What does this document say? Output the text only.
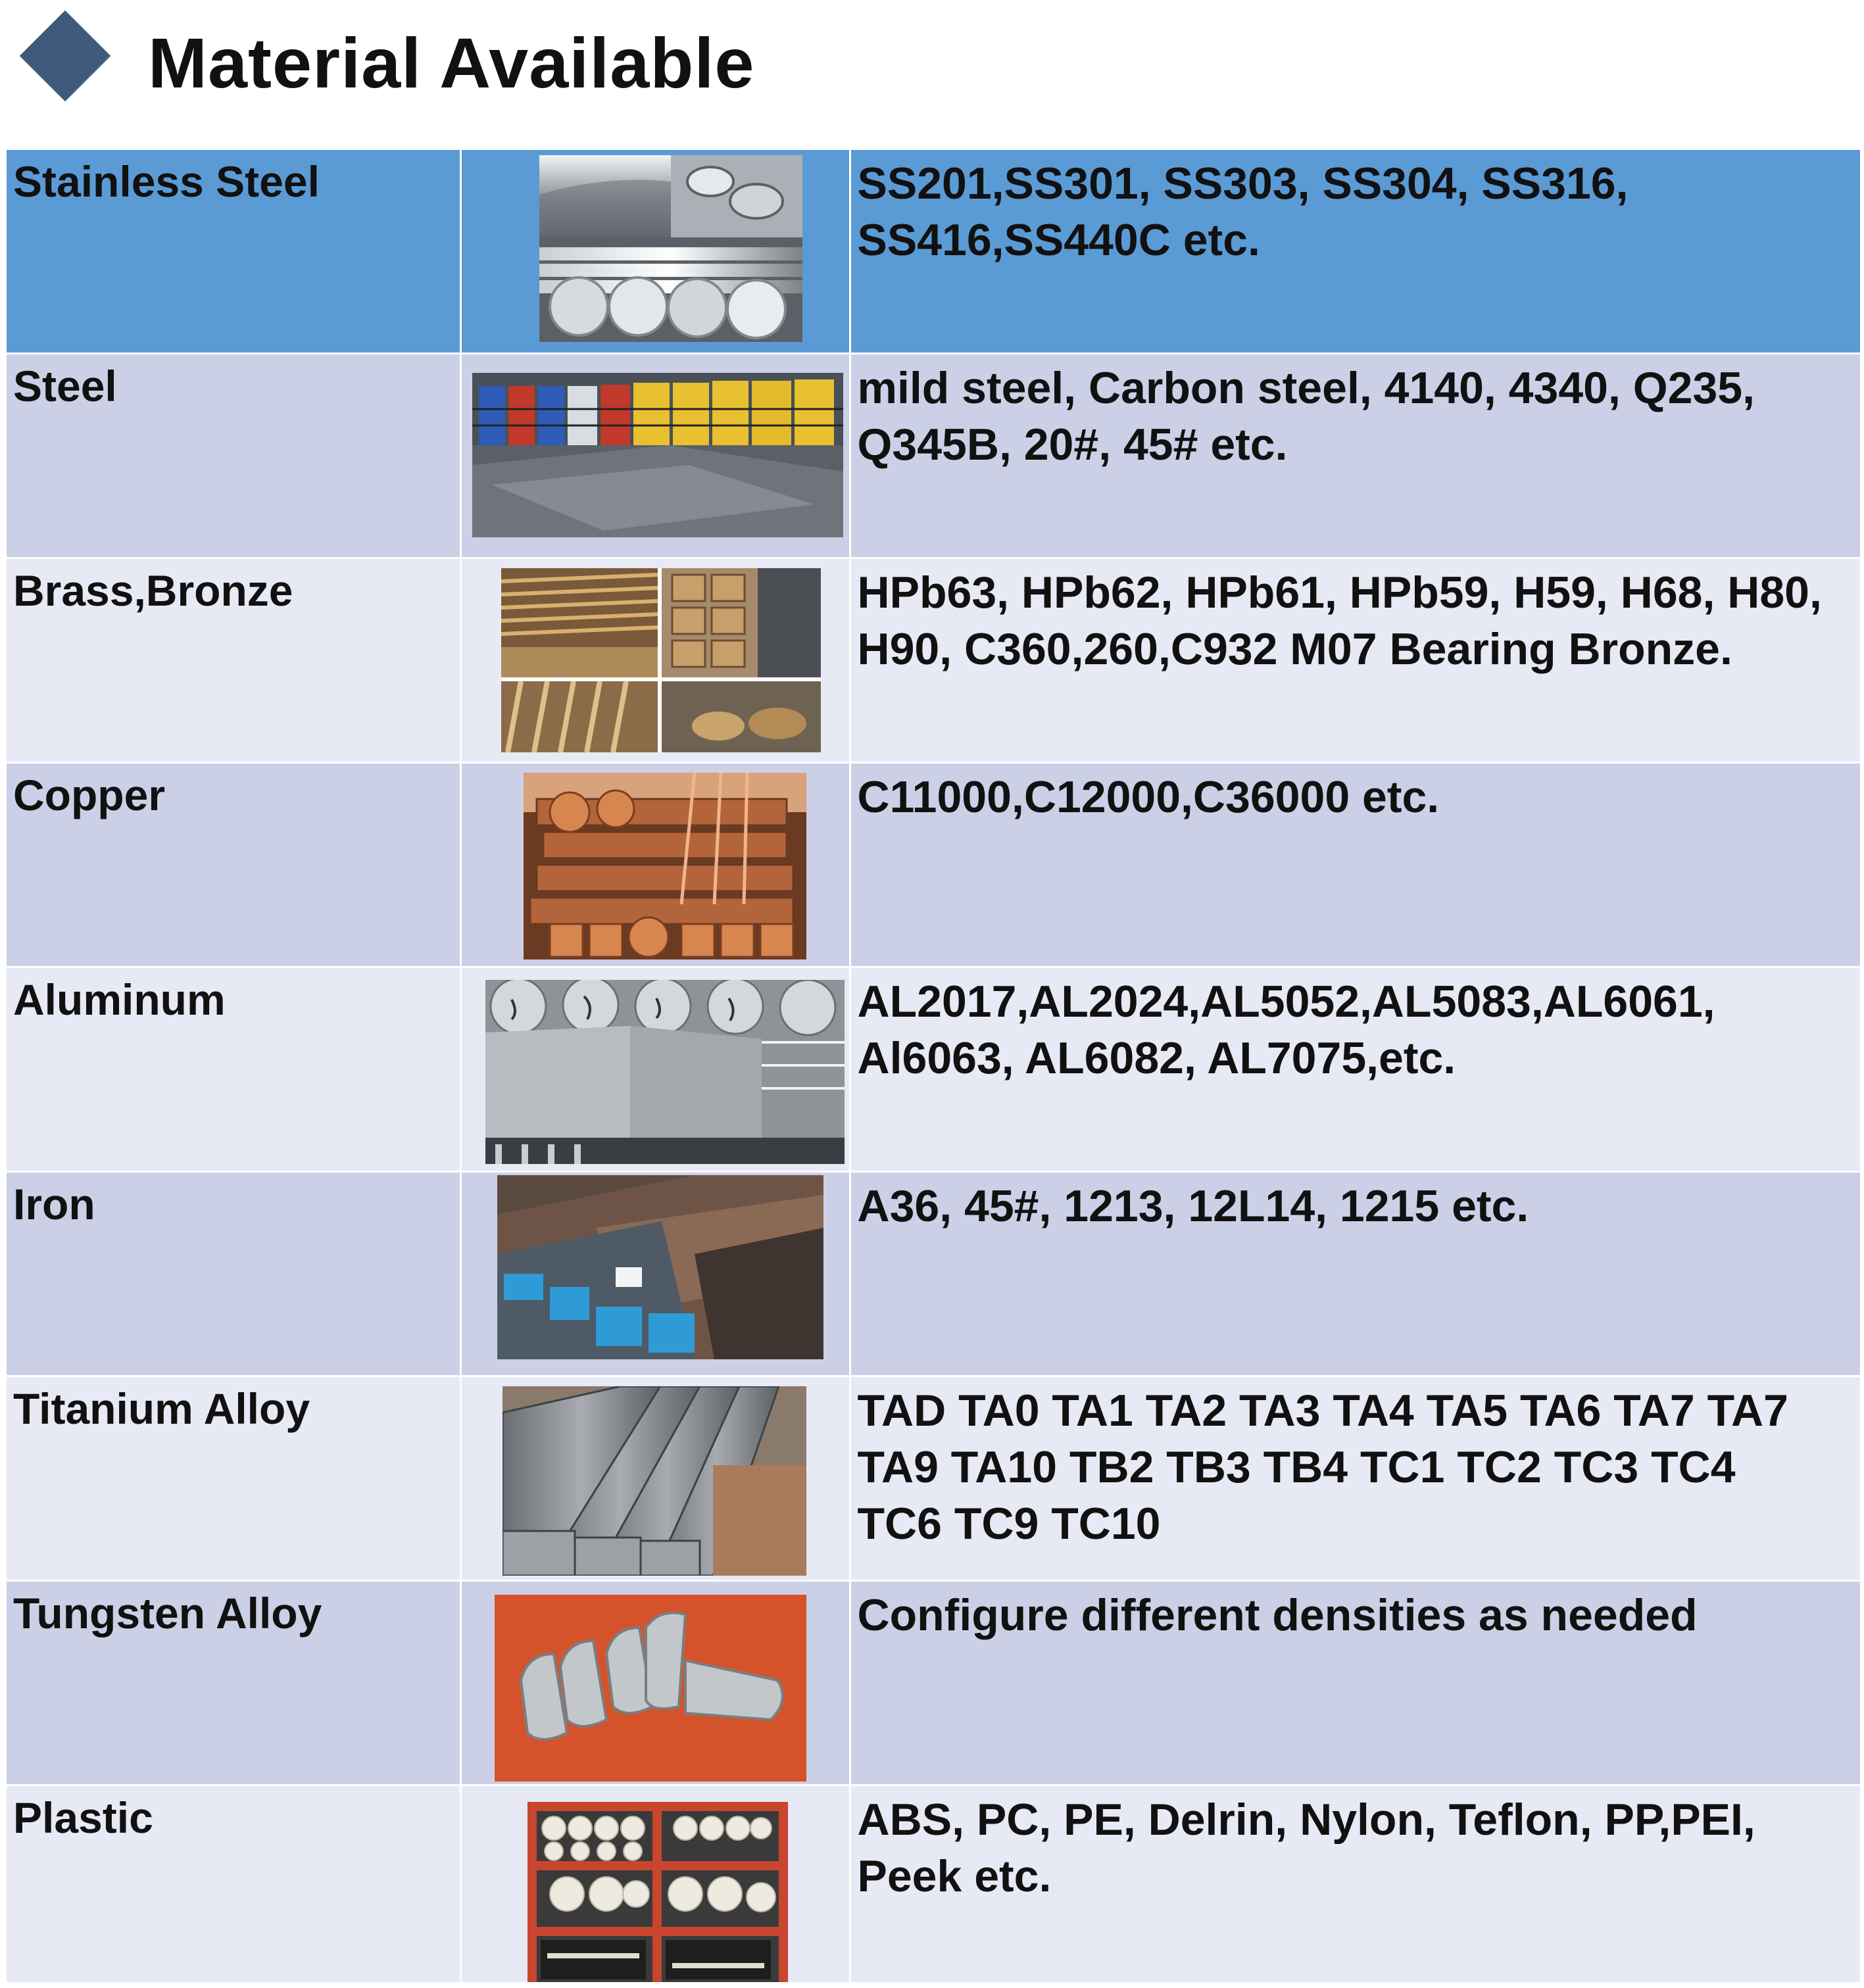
Material Available
Stainless Steel		SS201,SS301, SS303, SS304, SS316,
SS416,SS440C etc.

Steel		mild steel, Carbon steel, 4140, 4340, Q235,
Q345B, 20#, 45# etc.

Brass,Bronze		HPb63, HPb62, HPb61, HPb59, H59, H68, H80,
H90, C360,260,C932 M07 Bearing Bronze.

Copper		C11000,C12000,C36000 etc.

Aluminum		AL2017,AL2024,AL5052,AL5083,AL6061,
Al6063, AL6082, AL7075,etc.

Iron		A36, 45#, 1213, 12L14, 1215 etc.

Titanium Alloy		TAD TA0 TA1 TA2 TA3 TA4 TA5 TA6 TA7 TA7
TA9 TA10 TB2 TB3 TB4 TC1 TC2 TC3 TC4
TC6 TC9 TC10

Tungsten Alloy		Configure different densities as needed

Plastic		ABS, PC, PE, Delrin, Nylon, Teflon, PP,PEI,
Peek etc.
